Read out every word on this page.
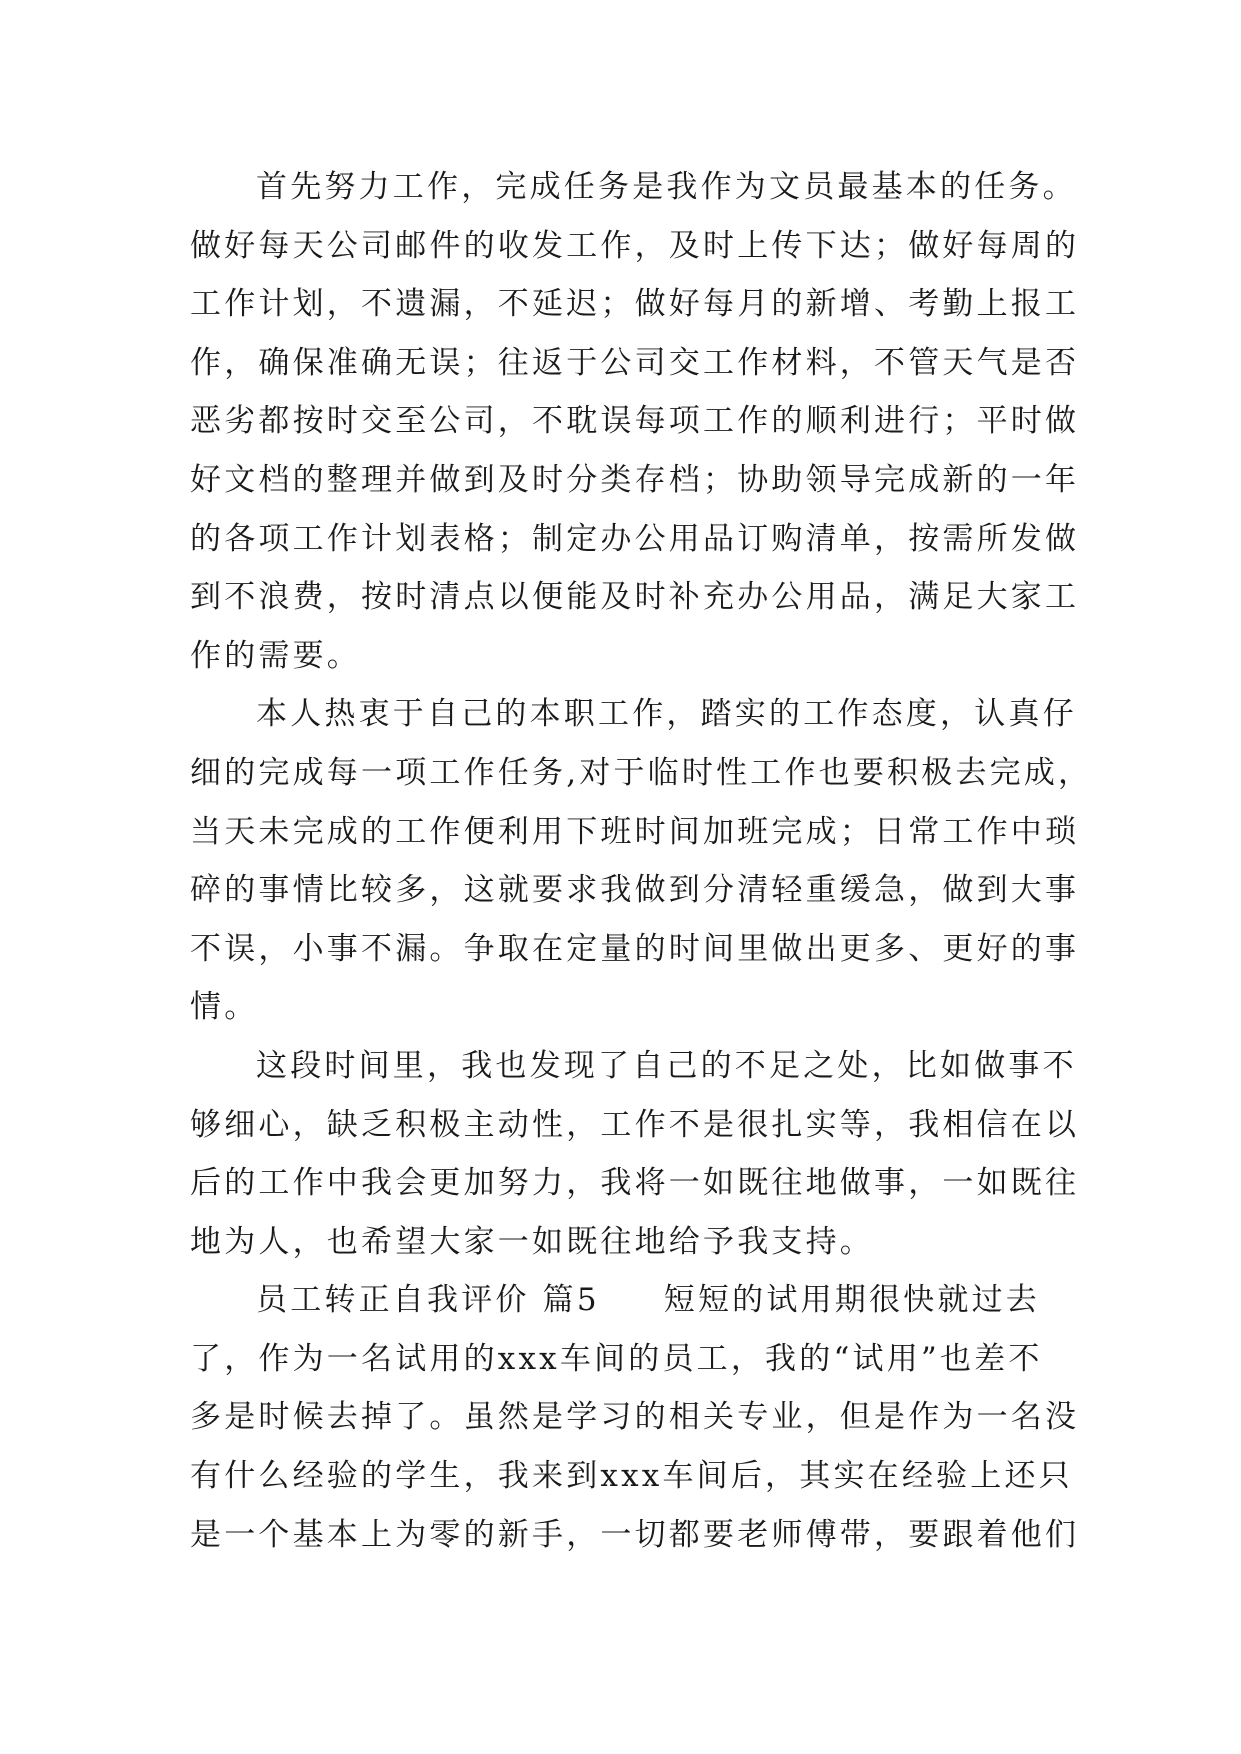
首先努力工作，完成任务是我作为文员最基本的任务。
做好每天公司邮件的收发工作，及时上传下达；做好每周的
工作计划，不遗漏，不延迟；做好每月的新增、考勤上报工
作，确保准确无误；往返于公司交工作材料，不管天气是否
恶劣都按时交至公司，不耽误每项工作的顺利进行；平时做
好文档的整理并做到及时分类存档；协助领导完成新的一年
的各项工作计划表格；制定办公用品订购清单，按需所发做
到不浪费，按时清点以便能及时补充办公用品，满足大家工
作的需要。
本人热衷于自己的本职工作，踏实的工作态度，认真仔
细的完成每一项工作任务,对于临时性工作也要积极去完成，
当天未完成的工作便利用下班时间加班完成；日常工作中琐
碎的事情比较多，这就要求我做到分清轻重缓急，做到大事
不误，小事不漏。争取在定量的时间里做出更多、更好的事
情。
这段时间里，我也发现了自己的不足之处，比如做事不
够细心，缺乏积极主动性，工作不是很扎实等，我相信在以
后的工作中我会更加努力，我将一如既往地做事，一如既往
地为人，也希望大家一如既往地给予我支持。
员工转正自我评价 篇5 短短的试用期很快就过去
了，作为一名试用的xxx车间的员工，我的“试用”也差不
多是时候去掉了。虽然是学习的相关专业，但是作为一名没
有什么经验的学生，我来到xxx车间后，其实在经验上还只
是一个基本上为零的新手，一切都要老师傅带，要跟着他们
